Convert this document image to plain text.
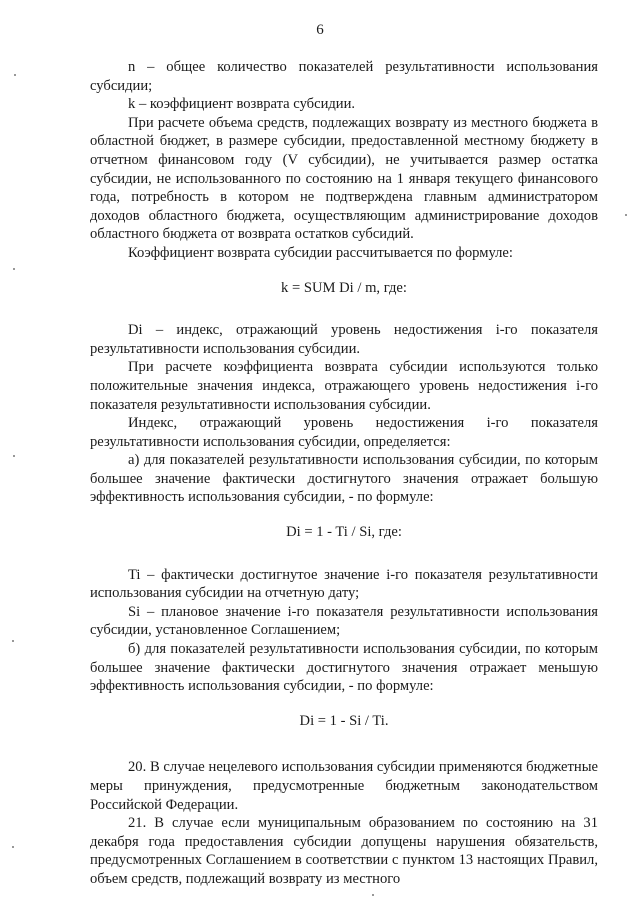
6

n – общее количество показателей результативности использования субсидии;

k – коэффициент возврата субсидии.

При расчете объема средств, подлежащих возврату из местного бюджета в областной бюджет, в размере субсидии, предоставленной местному бюджету в отчетном финансовом году (V субсидии), не учитывается размер остатка субсидии, не использованного по состоянию на 1 января текущего финансового года, потребность в котором не подтверждена главным администратором доходов областного бюджета, осуществляющим администрирование доходов областного бюджета от возврата остатков субсидий.

Коэффициент возврата субсидии рассчитывается по формуле:

k = SUM Di / m, где:

Di – индекс, отражающий уровень недостижения i-го показателя результативности использования субсидии.

При расчете коэффициента возврата субсидии используются только положительные значения индекса, отражающего уровень недостижения i-го показателя результативности использования субсидии.

Индекс, отражающий уровень недостижения i-го показателя результативности использования субсидии, определяется:

а) для показателей результативности использования субсидии, по которым большее значение фактически достигнутого значения отражает большую эффективность использования субсидии, - по формуле:

Di = 1 - Ti / Si, где:

Ti – фактически достигнутое значение i-го показателя результативности использования субсидии на отчетную дату;

Si – плановое значение i-го показателя результативности использования субсидии, установленное Соглашением;

б) для показателей результативности использования субсидии, по которым большее значение фактически достигнутого значения отражает меньшую эффективность использования субсидии, - по формуле:

Di = 1 - Si / Ti.

20. В случае нецелевого использования субсидии применяются бюджетные меры принуждения, предусмотренные бюджетным законодательством Российской Федерации.

21. В случае если муниципальным образованием по состоянию на 31 декабря года предоставления субсидии допущены нарушения обязательств, предусмотренных Соглашением в соответствии с пунктом 13 настоящих Правил, объем средств, подлежащий возврату из местного
